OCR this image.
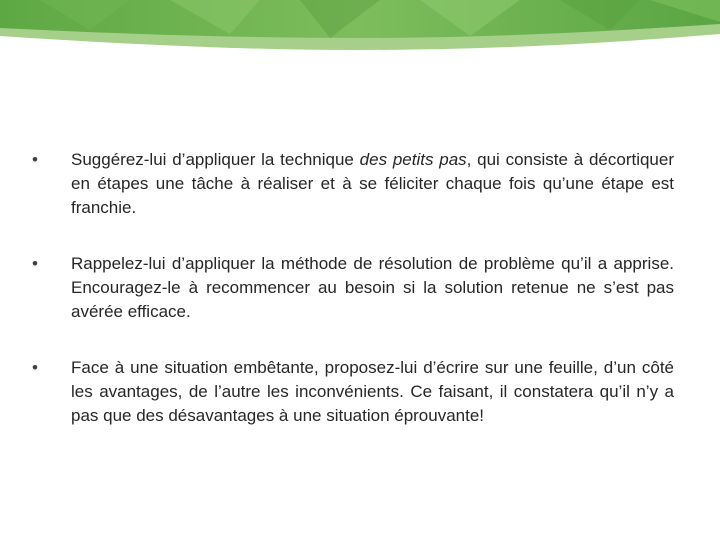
• Suggérez-lui d’appliquer la technique des petits pas, qui consiste à décortiquer en étapes une tâche à réaliser et à se féliciter chaque fois qu’une étape est franchie.
• Rappelez-lui d’appliquer la méthode de résolution de problème qu’il a apprise. Encouragez-le à recommencer au besoin si la solution retenue ne s’est pas avérée efficace.
• Face à une situation embêtante, proposez-lui d’écrire sur une feuille, d’un côté les avantages, de l’autre les inconvénients. Ce faisant, il constatera qu’il n’y a pas que des désavantages à une situation éprouvante!
